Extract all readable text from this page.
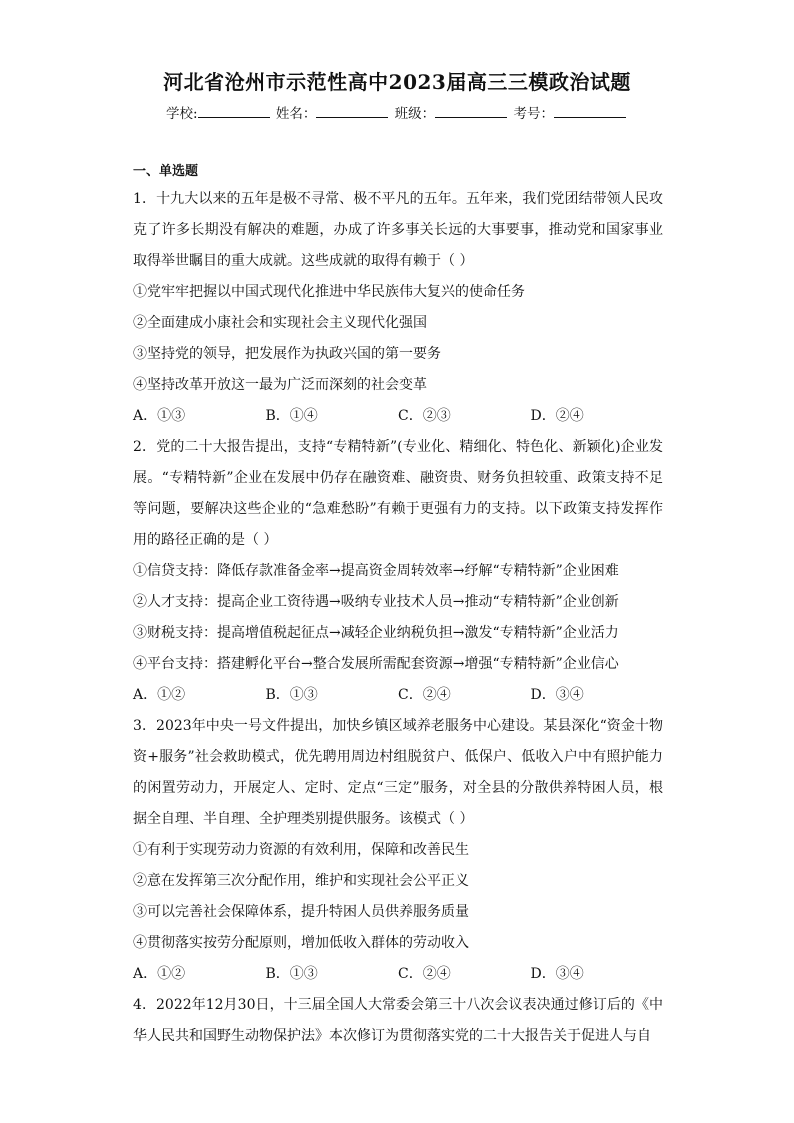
河北省沧州市示范性高中2023届高三三模政治试题
学校:	姓名：	班级：	考号：
一、单选题

1．十九大以来的五年是极不寻常、极不平凡的五年。五年来，我们党团结带领人民攻克了许多长期没有解决的难题，办成了许多事关长远的大事要事，推动党和国家事业取得举世瞩目的重大成就。这些成就的取得有赖于（ ）

①党牢牢把握以中国式现代化推进中华民族伟大复兴的使命任务
②全面建成小康社会和实现社会主义现代化强国
③坚持党的领导，把发展作为执政兴国的第一要务
④坚持改革开放这一最为广泛而深刻的社会变革
A．①③	B．①④	C．②③	D．②④

2．党的二十大报告提出，支持“专精特新”(专业化、精细化、特色化、新颖化)企业发展。“专精特新”企业在发展中仍存在融资难、融资贵、财务负担较重、政策支持不足等问题，要解决这些企业的“急难愁盼”有赖于更强有力的支持。以下政策支持发挥作用的路径正确的是（ ）

①信贷支持：降低存款准备金率→提高资金周转效率→纾解“专精特新”企业困难
②人才支持：提高企业工资待遇→吸纳专业技术人员→推动“专精特新”企业创新
③财税支持：提高增值税起征点→减轻企业纳税负担→激发“专精特新”企业活力
④平台支持：搭建孵化平台→整合发展所需配套资源→增强“专精特新”企业信心
A．①②	B．①③	C．②④	D．③④

3．2023年中央一号文件提出，加快乡镇区域养老服务中心建设。某县深化“资金十物资+服务”社会救助模式，优先聘用周边村组脱贫户、低保户、低收入户中有照护能力的闲置劳动力，开展定人、定时、定点“三定”服务，对全县的分散供养特困人员，根据全自理、半自理、全护理类别提供服务。该模式（ ）

①有利于实现劳动力资源的有效利用，保障和改善民生
②意在发挥第三次分配作用，维护和实现社会公平正义
③可以完善社会保障体系，提升特困人员供养服务质量
④贯彻落实按劳分配原则，增加低收入群体的劳动收入
A．①②	B．①③	C．②④	D．③④

4．2022年12月30日，十三届全国人大常委会第三十八次会议表决通过修订后的《中华人民共和国野生动物保护法》本次修订为贯彻落实党的二十大报告关于促进人与自
